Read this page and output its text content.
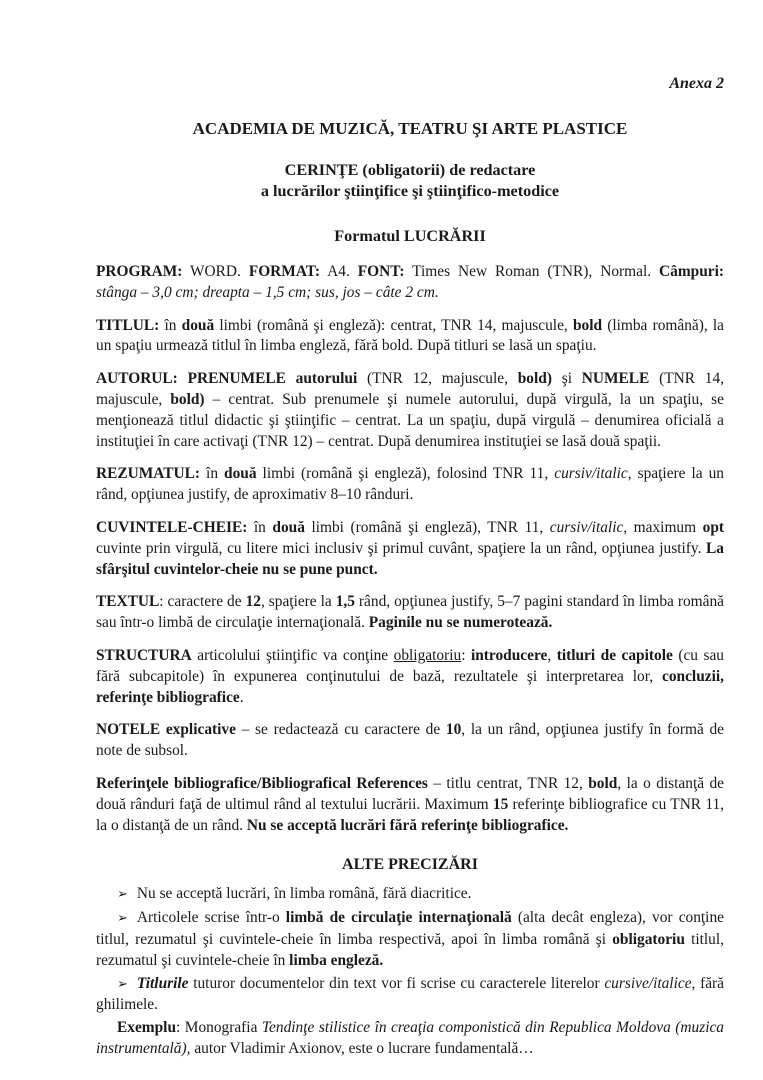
Anexa 2
ACADEMIA DE MUZICĂ, TEATRU ŞI ARTE PLASTICE
CERINŢE (obligatorii) de redactare
a lucrărilor ştiinţifice şi ştiinţifico-metodice
Formatul LUCRĂRII

PROGRAM: WORD. FORMAT: A4. FONT: Times New Roman (TNR), Normal. Câmpuri: stânga – 3,0 cm; dreapta – 1,5 cm; sus, jos – câte 2 cm.

TITLUL: în două limbi (română şi engleză): centrat, TNR 14, majuscule, bold (limba română), la un spaţiu urmează titlul în limba engleză, fără bold. După titluri se lasă un spaţiu.

AUTORUL: PRENUMELE autorului (TNR 12, majuscule, bold) şi NUMELE (TNR 14, majuscule, bold) – centrat. Sub prenumele şi numele autorului, după virgulă, la un spaţiu, se menţionează titlul didactic şi ştiinţific – centrat. La un spaţiu, după virgulă – denumirea oficială a instituţiei în care activaţi (TNR 12) – centrat. După denumirea instituţiei se lasă două spaţii.

REZUMATUL: în două limbi (română şi engleză), folosind TNR 11, cursiv/italic, spaţiere la un rând, opţiunea justify, de aproximativ 8–10 rânduri.

CUVINTELE-CHEIE: în două limbi (română şi engleză), TNR 11, cursiv/italic, maximum opt cuvinte prin virgulă, cu litere mici inclusiv şi primul cuvânt, spaţiere la un rând, opţiunea justify. La sfârşitul cuvintelor-cheie nu se pune punct.

TEXTUL: caractere de 12, spaţiere la 1,5 rând, opţiunea justify, 5–7 pagini standard în limba română sau într-o limbă de circulaţie internaţională. Paginile nu se numerotează.

STRUCTURA articolului ştiinţific va conţine obligatoriu: introducere, titluri de capitole (cu sau fără subcapitole) în expunerea conţinutului de bază, rezultatele şi interpretarea lor, concluzii, referinţe bibliografice.

NOTELE explicative – se redactează cu caractere de 10, la un rând, opţiunea justify în formă de note de subsol.

Referinţele bibliografice/Bibliografical References – titlu centrat, TNR 12, bold, la o distanţă de două rânduri faţă de ultimul rând al textului lucrării. Maximum 15 referinţe bibliografice cu TNR 11, la o distanţă de un rând. Nu se acceptă lucrări fără referinţe bibliografice.

ALTE PRECIZĂRI

➢ Nu se acceptă lucrări, în limba română, fără diacritice.

➢ Articolele scrise într-o limbă de circulaţie internaţională (alta decât engleza), vor conţine titlul, rezumatul şi cuvintele-cheie în limba respectivă, apoi în limba română şi obligatoriu titlul, rezumatul şi cuvintele-cheie în limba engleză.

➢ Titlurile tuturor documentelor din text vor fi scrise cu caracterele literelor cursive/italice, fără ghilimele.

Exemplu: Monografia Tendinţe stilistice în creaţia componistică din Republica Moldova (muzica instrumentală), autor Vladimir Axionov, este o lucrare fundamentală…
